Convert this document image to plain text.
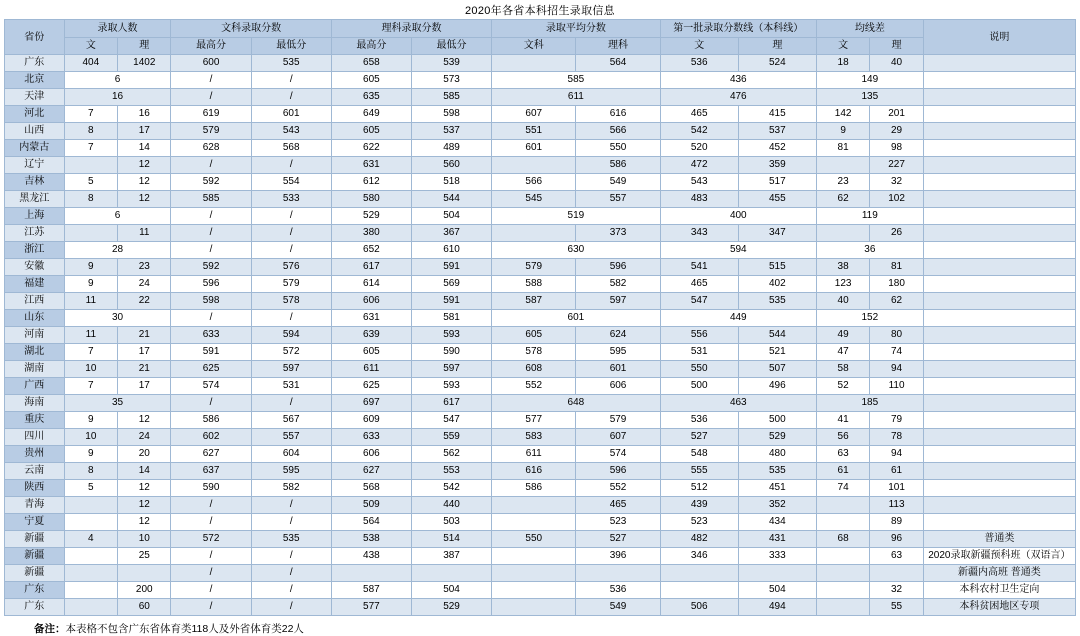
2020年各省本科招生录取信息
省份	录取人数		文科录取分数		理科录取分数		录取平均分数		第一批录取分数线（本科线）		均线差		说明
	文	理	最高分	最低分	最高分	最低分	文科	理科	文	理	文	理	
广东	404	1402	600	535	658	539		564	536	524	18	40	
北京	6		/	/	605	573	585		436		149		
天津	16		/	/	635	585	611		476		135		
河北	7	16	619	601	649	598	607	616	465	415	142	201	
山西	8	17	579	543	605	537	551	566	542	537	9	29	
内蒙古	7	14	628	568	622	489	601	550	520	452	81	98	
辽宁		12	/	/	631	560		586	472	359		227	
吉林	5	12	592	554	612	518	566	549	543	517	23	32	
黑龙江	8	12	585	533	580	544	545	557	483	455	62	102	
上海	6		/	/	529	504	519		400		119		
江苏		11	/	/	380	367		373	343	347		26	
浙江	28		/	/	652	610	630		594		36		
安徽	9	23	592	576	617	591	579	596	541	515	38	81	
福建	9	24	596	579	614	569	588	582	465	402	123	180	
江西	11	22	598	578	606	591	587	597	547	535	40	62	
山东	30		/	/	631	581	601		449		152		
河南	11	21	633	594	639	593	605	624	556	544	49	80	
湖北	7	17	591	572	605	590	578	595	531	521	47	74	
湖南	10	21	625	597	611	597	608	601	550	507	58	94	
广西	7	17	574	531	625	593	552	606	500	496	52	110	
海南	35		/	/	697	617	648		463		185		
重庆	9	12	586	567	609	547	577	579	536	500	41	79	
四川	10	24	602	557	633	559	583	607	527	529	56	78	
贵州	9	20	627	604	606	562	611	574	548	480	63	94	
云南	8	14	637	595	627	553	616	596	555	535	61	61	
陕西	5	12	590	582	568	542	586	552	512	451	74	101	
青海		12	/	/	509	440		465	439	352		113	
宁夏		12	/	/	564	503		523	523	434		89	
新疆	4	10	572	535	538	514	550	527	482	431	68	96	普通类
新疆		25	/	/	438	387		396	346	333		63	2020录取新疆预科班（双语言）
新疆			/	/									新疆内高班 普通类
广东		200	/	/	587	504		536		504		32	本科农村卫生定向
广东		60	/	/	577	529		549	506	494		55	本科贫困地区专项
备注：本表格不包含广东省体育类118人及外省体育类22人
